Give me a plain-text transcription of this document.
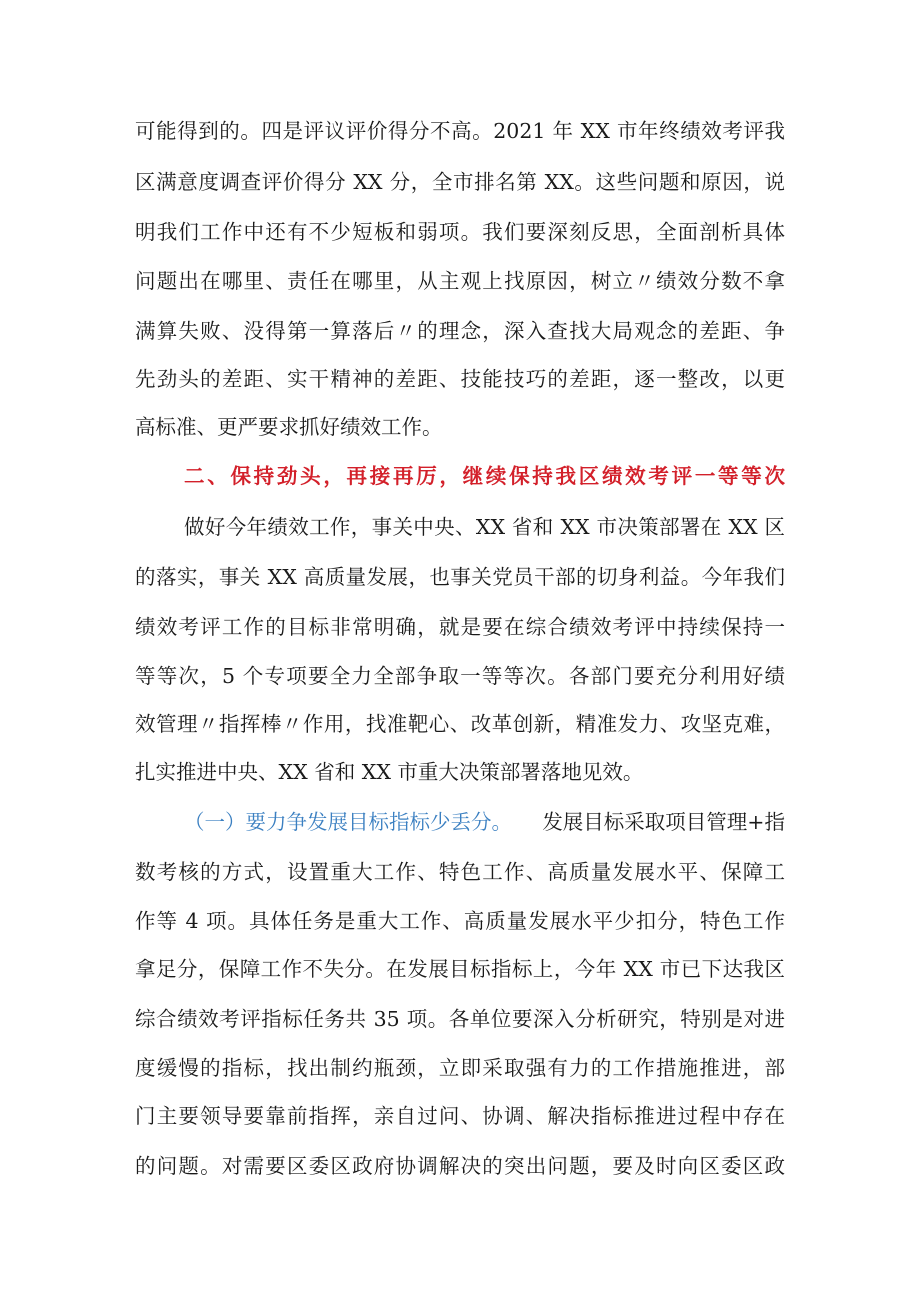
可能得到的。四是评议评价得分不高。2021 年 XX 市年终绩效考评我
区满意度调查评价得分 XX 分，全市排名第 XX。这些问题和原因，说
明我们工作中还有不少短板和弱项。我们要深刻反思，全面剖析具体
问题出在哪里、责任在哪里，从主观上找原因，树立〃绩效分数不拿
满算失败、没得第一算落后〃的理念，深入查找大局观念的差距、争
先劲头的差距、实干精神的差距、技能技巧的差距，逐一整改，以更
高标准、更严要求抓好绩效工作。
二、保持劲头，再接再厉，继续保持我区绩效考评一等等次
做好今年绩效工作，事关中央、XX 省和 XX 市决策部署在 XX 区
的落实，事关 XX 高质量发展，也事关党员干部的切身利益。今年我们
绩效考评工作的目标非常明确，就是要在综合绩效考评中持续保持一
等等次，5 个专项要全力全部争取一等等次。各部门要充分利用好绩
效管理〃指挥棒〃作用，找准靶心、改革创新，精准发力、攻坚克难，
扎实推进中央、XX 省和 XX 市重大决策部署落地见效。
（一）要力争发展目标指标少丢分。 发展目标采取项目管理+指
数考核的方式，设置重大工作、特色工作、高质量发展水平、保障工
作等 4 项。具体任务是重大工作、高质量发展水平少扣分，特色工作
拿足分，保障工作不失分。在发展目标指标上，今年 XX 市已下达我区
综合绩效考评指标任务共 35 项。各单位要深入分析研究，特别是对进
度缓慢的指标，找出制约瓶颈，立即采取强有力的工作措施推进，部
门主要领导要靠前指挥，亲自过问、协调、解决指标推进过程中存在
的问题。对需要区委区政府协调解决的突出问题，要及时向区委区政
